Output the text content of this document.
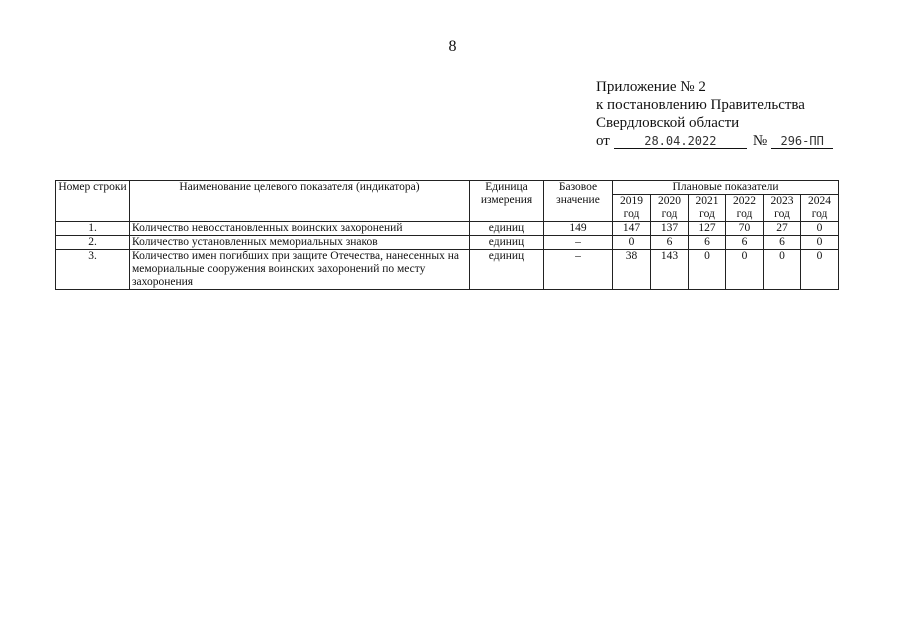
8
Приложение № 2
к постановлению Правительства
Свердловской области
от	28.04.2022 № 296-ПП
Номер строки	Наименование целевого показателя (индикатора)	Единица измерения	Базовое значение	Плановые показатели					
				2019 год	2020 год	2021 год	2022 год	2023 год	2024 год
1.	Количество невосстановленных воинских захоронений	единиц	149	147	137	127	70	27	0
2.	Количество установленных мемориальных знаков	единиц	–	0	6	6	6	6	0
3.	Количество имен погибших при защите Отечества, нанесенных на мемориальные сооружения воинских захоронений по месту захоронения	единиц	–	38	143	0	0	0	0
